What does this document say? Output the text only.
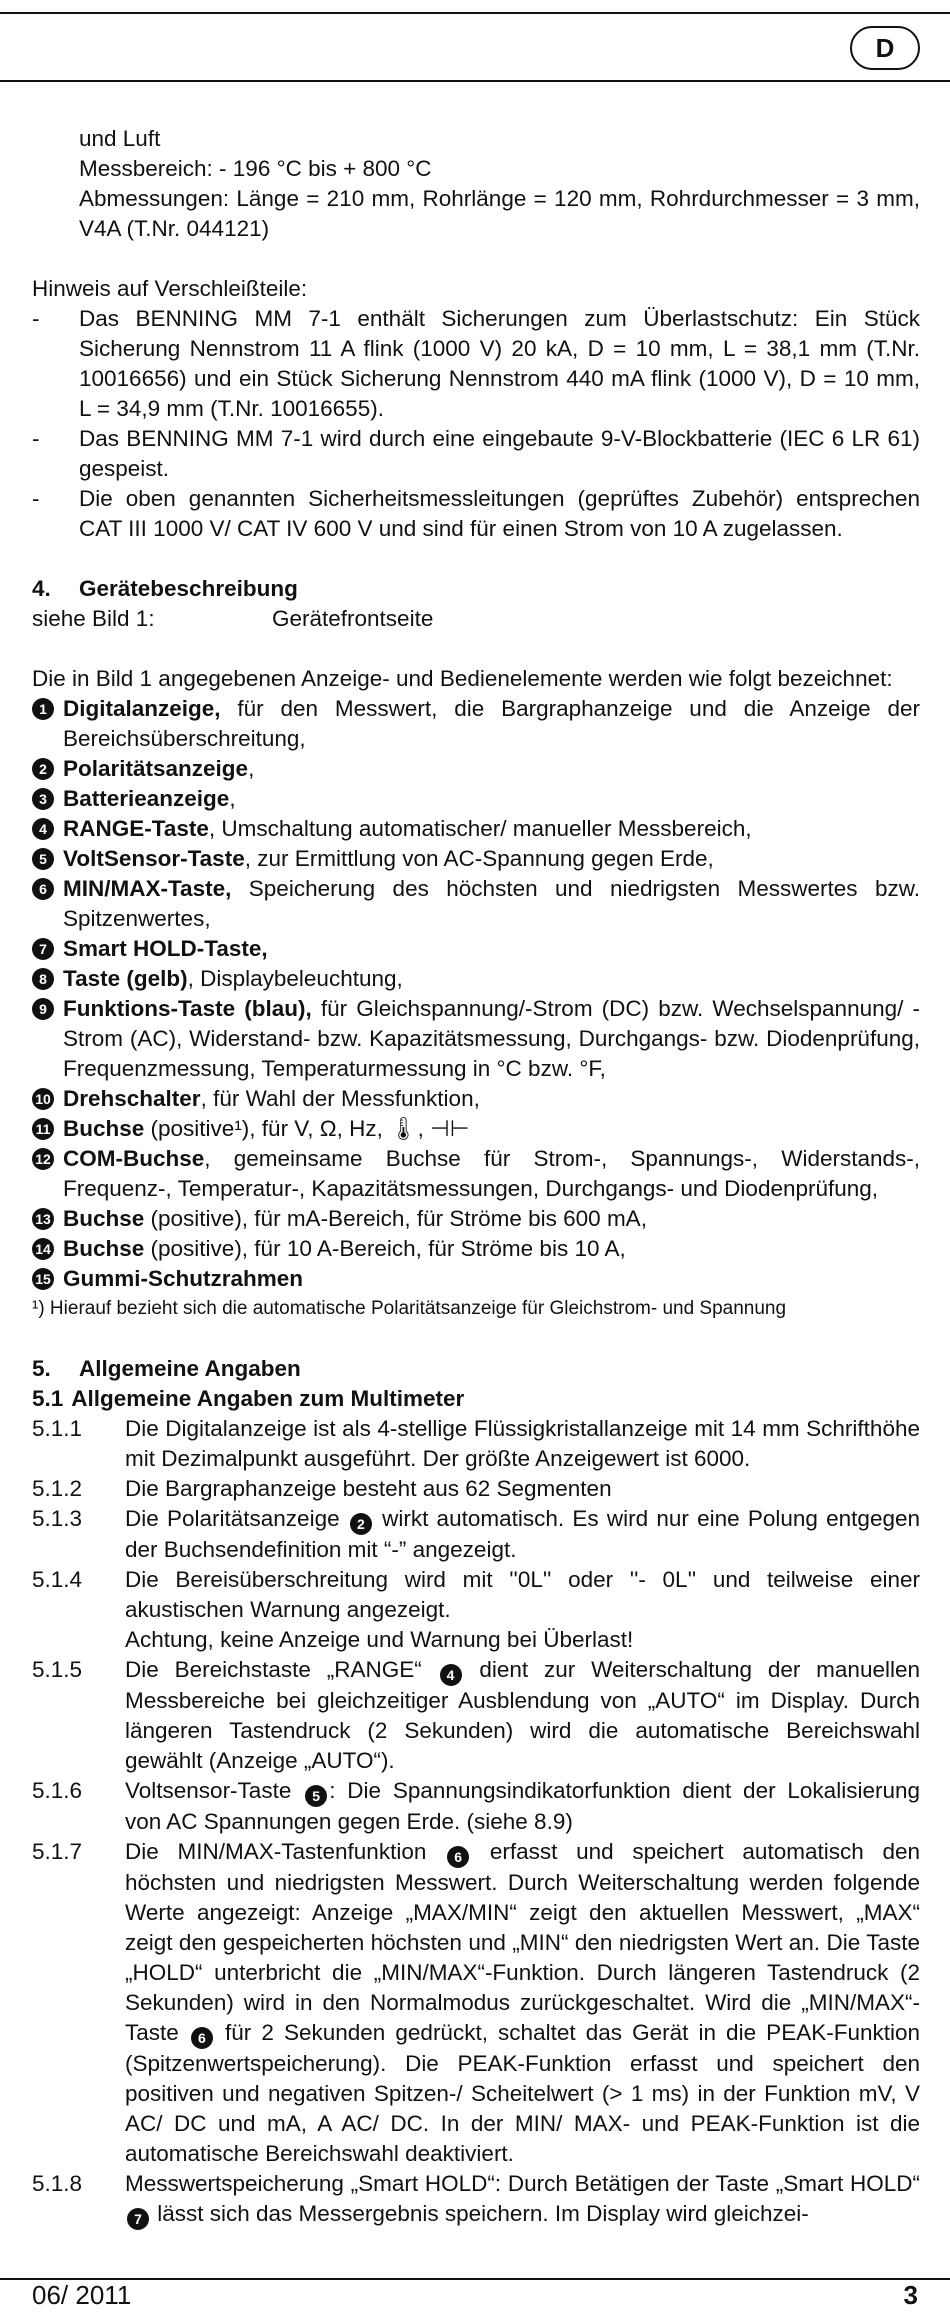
D

und Luft

Messbereich: - 196 °C bis + 800 °C

Abmessungen: Länge = 210 mm, Rohrlänge = 120 mm, Rohrdurchmesser = 3 mm, V4A (T.Nr. 044121)

Hinweis auf Verschleißteile:

-	Das BENNING MM 7-1 enthält Sicherungen zum Überlastschutz: Ein Stück Sicherung Nennstrom 11 A flink (1000 V) 20 kA, D = 10 mm, L = 38,1 mm (T.Nr. 10016656) und ein Stück Sicherung Nennstrom 440 mA flink (1000 V), D = 10 mm, L = 34,9 mm (T.Nr. 10016655).
-	Das BENNING MM 7-1 wird durch eine eingebaute 9-V-Blockbatterie (IEC 6 LR 61) gespeist.
-	Die oben genannten Sicherheitsmessleitungen (geprüftes Zubehör) entsprechen CAT III 1000 V/ CAT IV 600 V und sind für einen Strom von 10 A zugelassen.
4. Gerätebeschreibung

siehe Bild 1:	Gerätefrontseite

Die in Bild 1 angegebenen Anzeige- und Bedienelemente werden wie folgt bezeichnet:

1 Digitalanzeige, für den Messwert, die Bargraphanzeige und die Anzeige der Bereichsüberschreitung,
2 Polaritätsanzeige,
3 Batterieanzeige,
4 RANGE-Taste, Umschaltung automatischer/ manueller Messbereich,
5 VoltSensor-Taste, zur Ermittlung von AC-Spannung gegen Erde,
6 MIN/MAX-Taste, Speicherung des höchsten und niedrigsten Messwertes bzw. Spitzenwertes,
7 Smart HOLD-Taste,
8 Taste (gelb), Displaybeleuchtung,
9 Funktions-Taste (blau), für Gleichspannung/-Strom (DC) bzw. Wechselspannung/ -Strom (AC), Widerstand- bzw. Kapazitätsmessung, Durchgangs- bzw. Diodenprüfung, Frequenzmessung, Temperaturmessung in °C bzw. °F,
10 Drehschalter, für Wahl der Messfunktion,
11 Buchse (positive¹), für V, Ω, Hz, 🌡, ⊣⊢
12 COM-Buchse, gemeinsame Buchse für Strom-, Spannungs-, Widerstands-, Frequenz-, Temperatur-, Kapazitätsmessungen, Durchgangs- und Diodenprüfung,
13 Buchse (positive), für mA-Bereich, für Ströme bis 600 mA,
14 Buchse (positive), für 10 A-Bereich, für Ströme bis 10 A,
15 Gummi-Schutzrahmen

¹) Hierauf bezieht sich die automatische Polaritätsanzeige für Gleichstrom- und Spannung

5. Allgemeine Angaben
5.1 Allgemeine Angaben zum Multimeter
5.1.1	Die Digitalanzeige ist als 4-stellige Flüssigkristallanzeige mit 14 mm Schrifthöhe mit Dezimalpunkt ausgeführt. Der größte Anzeigewert ist 6000.
5.1.2	Die Bargraphanzeige besteht aus 62 Segmenten
5.1.3	Die Polaritätsanzeige 2 wirkt automatisch. Es wird nur eine Polung entgegen der Buchsendefinition mit “-” angezeigt.
5.1.4	Die Bereisüberschreitung wird mit ''0L'' oder ''- 0L'' und teilweise einer akustischen Warnung angezeigt.
Achtung, keine Anzeige und Warnung bei Überlast!
5.1.5	Die Bereichstaste „RANGE“ 4 dient zur Weiterschaltung der manuellen Messbereiche bei gleichzeitiger Ausblendung von „AUTO“ im Display. Durch längeren Tastendruck (2 Sekunden) wird die automatische Bereichswahl gewählt (Anzeige „AUTO“).
5.1.6	Voltsensor-Taste 5 : Die Spannungsindikatorfunktion dient der Lokalisierung von AC Spannungen gegen Erde. (siehe 8.9)
5.1.7	Die MIN/MAX-Tastenfunktion 6 erfasst und speichert automatisch den höchsten und niedrigsten Messwert. Durch Weiterschaltung werden folgende Werte angezeigt: Anzeige „MAX/MIN“ zeigt den aktuellen Messwert, „MAX“ zeigt den gespeicherten höchsten und „MIN“ den niedrigsten Wert an. Die Taste „HOLD“ unterbricht die „MIN/MAX“-Funktion. Durch längeren Tastendruck (2 Sekunden) wird in den Normalmodus zurückgeschaltet. Wird die „MIN/MAX“-Taste 6 für 2 Sekunden gedrückt, schaltet das Gerät in die PEAK-Funktion (Spitzenwertspeicherung). Die PEAK-Funktion erfasst und speichert den positiven und negativen Spitzen-/ Scheitelwert (> 1 ms) in der Funktion mV, V AC/ DC und mA, A AC/ DC. In der MIN/ MAX- und PEAK-Funktion ist die automatische Bereichswahl deaktiviert.
5.1.8	Messwertspeicherung „Smart HOLD“: Durch Betätigen der Taste „Smart HOLD“ 7 lässt sich das Messergebnis speichern. Im Display wird gleichzei-
06/ 2011	3
